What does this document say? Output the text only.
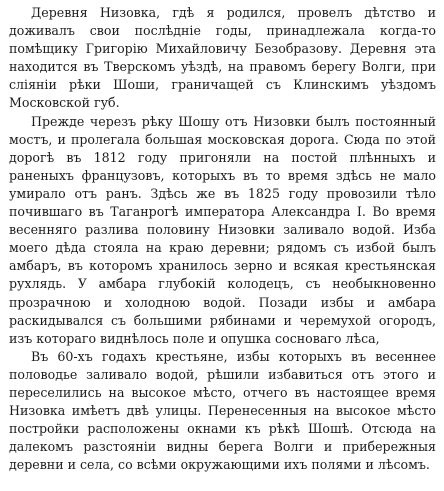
Деревня Низовка, гдѣ я родился, провелъ дѣтство и доживалъ свои послѣдніе годы, принадлежала когда-то помѣщику Григорію Михайловичу Безобразову. Деревня эта находится въ Тверскомъ уѣздѣ, на правомъ берегу Волги, при сліяніи рѣки Шоши, граничащей съ Клинскимъ уѣздомъ Московской губ.

Прежде черезъ рѣку Шошу отъ Низовки былъ постоянный мостъ, и пролегала большая московская дорога. Сюда по этой дорогѣ въ 1812 году пригоняли на постой плѣнныхъ и раненыхъ французовъ, которыхъ въ то время здѣсь не мало умирало отъ ранъ. Здѣсь же въ 1825 году провозили тѣло почившаго въ Таганрогѣ императора Александра I. Во время весенняго разлива половину Низовки заливало водой. Изба моего дѣда стояла на краю деревни; рядомъ съ избой былъ амбаръ, въ которомъ хранилось зерно и всякая крестьянская рухлядь. У амбара глубокій колодецъ, съ необыкновенно прозрачною и холодною водой. Позади избы и амбара раскидывался съ большими рябинами и черемухой огородъ, изъ котораго виднѣлось поле и опушка сосноваго лѣса,

Въ 60-хъ годахъ крестьяне, избы которыхъ въ весеннее половодье заливало водой, рѣшили избавиться отъ этого и переселились на высокое мѣсто, отчего въ настоящее время Низовка имѣетъ двѣ улицы. Перенесенныя на высокое мѣсто постройки расположены окнами къ рѣкѣ Шошѣ. Отсюда на далекомъ разстояніи видны берега Волги и прибережныя деревни и села, со всѣми окружающими ихъ полями и лѣсомъ.
